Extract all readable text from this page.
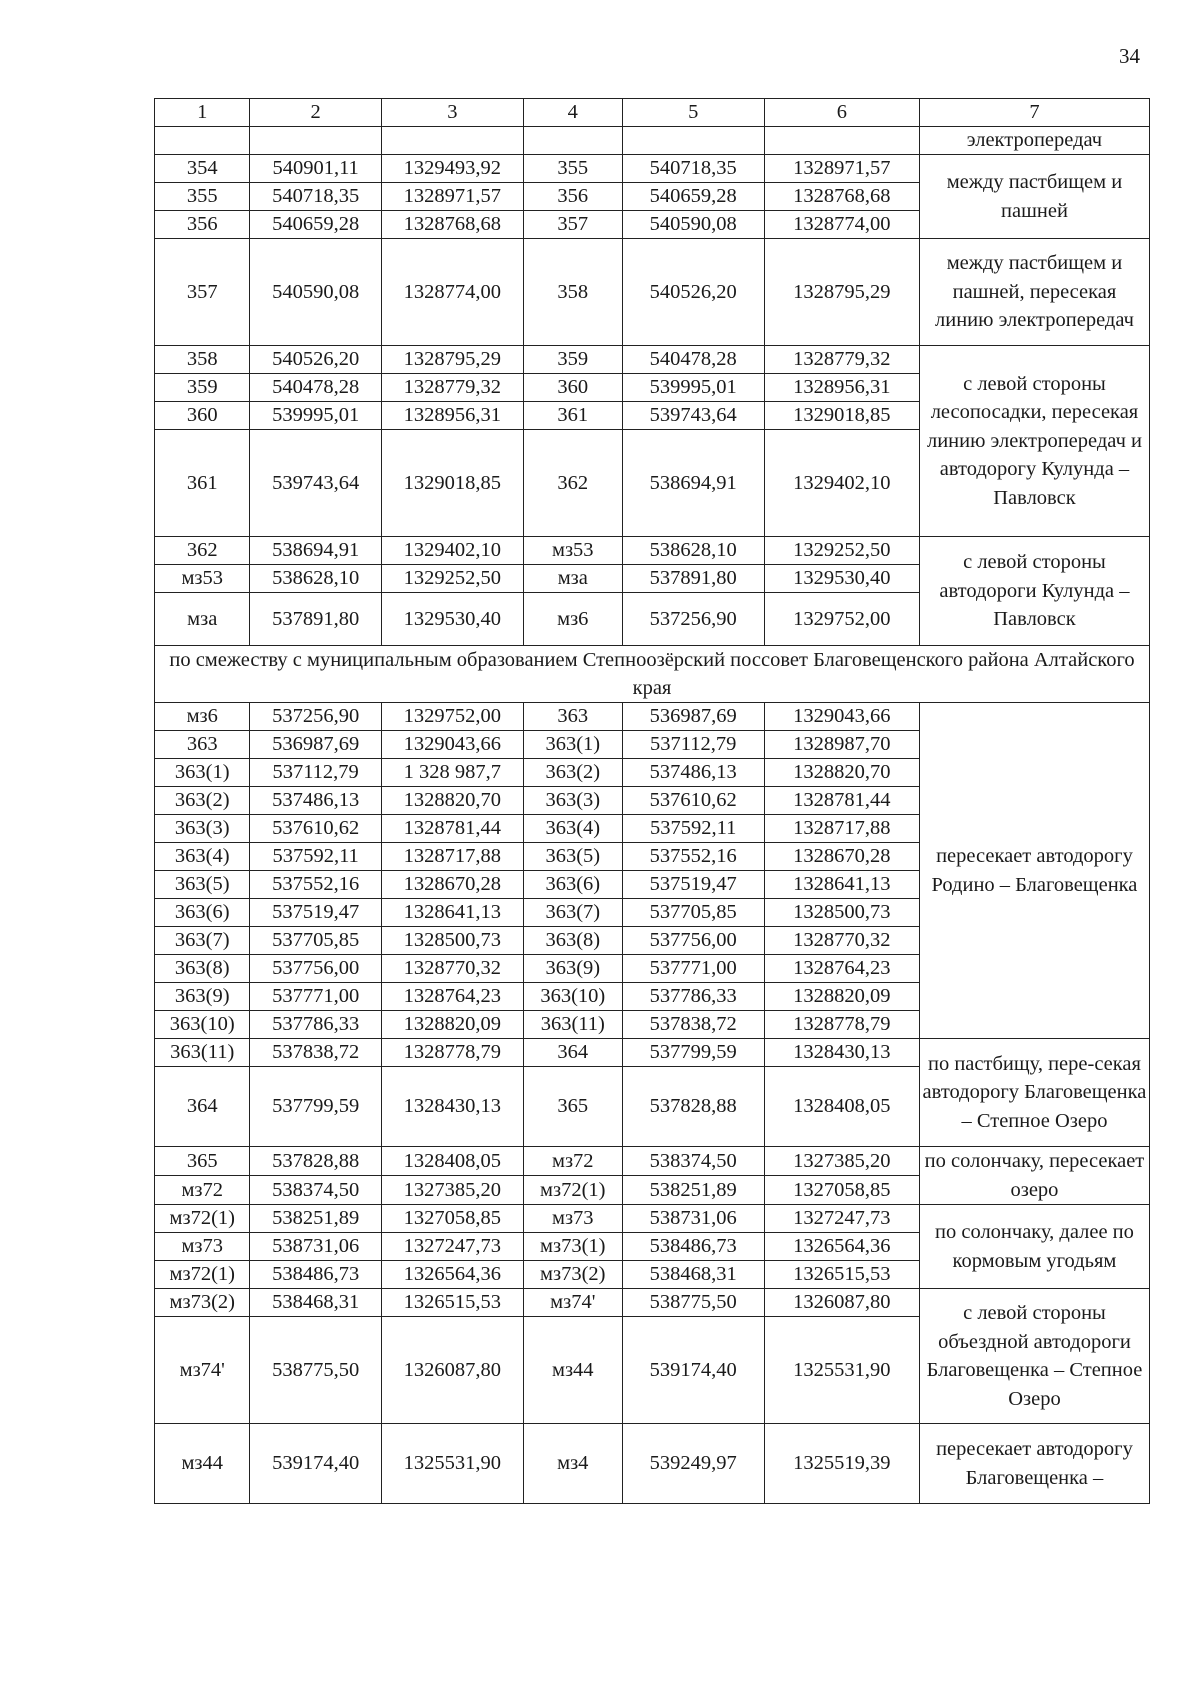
34
1	2	3	4	5	6	7
						электропередач
354	540901,11	1329493,92	355	540718,35	1328971,57	между пастбищем и пашней
355	540718,35	1328971,57	356	540659,28	1328768,68	
356	540659,28	1328768,68	357	540590,08	1328774,00	
357	540590,08	1328774,00	358	540526,20	1328795,29	между пастбищем и пашней, пересекая линию электропередач
358	540526,20	1328795,29	359	540478,28	1328779,32	с левой стороны лесопосадки, пересекая линию электропередач и автодорогу Кулунда – Павловск
359	540478,28	1328779,32	360	539995,01	1328956,31	
360	539995,01	1328956,31	361	539743,64	1329018,85	
361	539743,64	1329018,85	362	538694,91	1329402,10	
362	538694,91	1329402,10	мз53	538628,10	1329252,50	с левой стороны автодороги Кулунда – Павловск
мз53	538628,10	1329252,50	мза	537891,80	1329530,40	
мза	537891,80	1329530,40	мз6	537256,90	1329752,00	
по смежеству с муниципальным образованием Степноозёрский поссовет Благовещенского района Алтайского края						
мз6	537256,90	1329752,00	363	536987,69	1329043,66	пересекает автодорогу Родино – Благовещенка
363	536987,69	1329043,66	363(1)	537112,79	1328987,70	
363(1)	537112,79	1 328 987,7	363(2)	537486,13	1328820,70	
363(2)	537486,13	1328820,70	363(3)	537610,62	1328781,44	
363(3)	537610,62	1328781,44	363(4)	537592,11	1328717,88	
363(4)	537592,11	1328717,88	363(5)	537552,16	1328670,28	
363(5)	537552,16	1328670,28	363(6)	537519,47	1328641,13	
363(6)	537519,47	1328641,13	363(7)	537705,85	1328500,73	
363(7)	537705,85	1328500,73	363(8)	537756,00	1328770,32	
363(8)	537756,00	1328770,32	363(9)	537771,00	1328764,23	
363(9)	537771,00	1328764,23	363(10)	537786,33	1328820,09	
363(10)	537786,33	1328820,09	363(11)	537838,72	1328778,79	
363(11)	537838,72	1328778,79	364	537799,59	1328430,13	по пастбищу, пере-секая автодорогу Благовещенка – Степное Озеро
364	537799,59	1328430,13	365	537828,88	1328408,05	
365	537828,88	1328408,05	мз72	538374,50	1327385,20	по солончаку, пересекает озеро
мз72	538374,50	1327385,20	мз72(1)	538251,89	1327058,85	
мз72(1)	538251,89	1327058,85	мз73	538731,06	1327247,73	по солончаку, далее по кормовым угодьям
мз73	538731,06	1327247,73	мз73(1)	538486,73	1326564,36	
мз72(1)	538486,73	1326564,36	мз73(2)	538468,31	1326515,53	
мз73(2)	538468,31	1326515,53	мз74'	538775,50	1326087,80	с левой стороны объездной автодороги Благовещенка – Степное Озеро
мз74'	538775,50	1326087,80	мз44	539174,40	1325531,90	
мз44	539174,40	1325531,90	мз4	539249,97	1325519,39	пересекает автодорогу Благовещенка –
